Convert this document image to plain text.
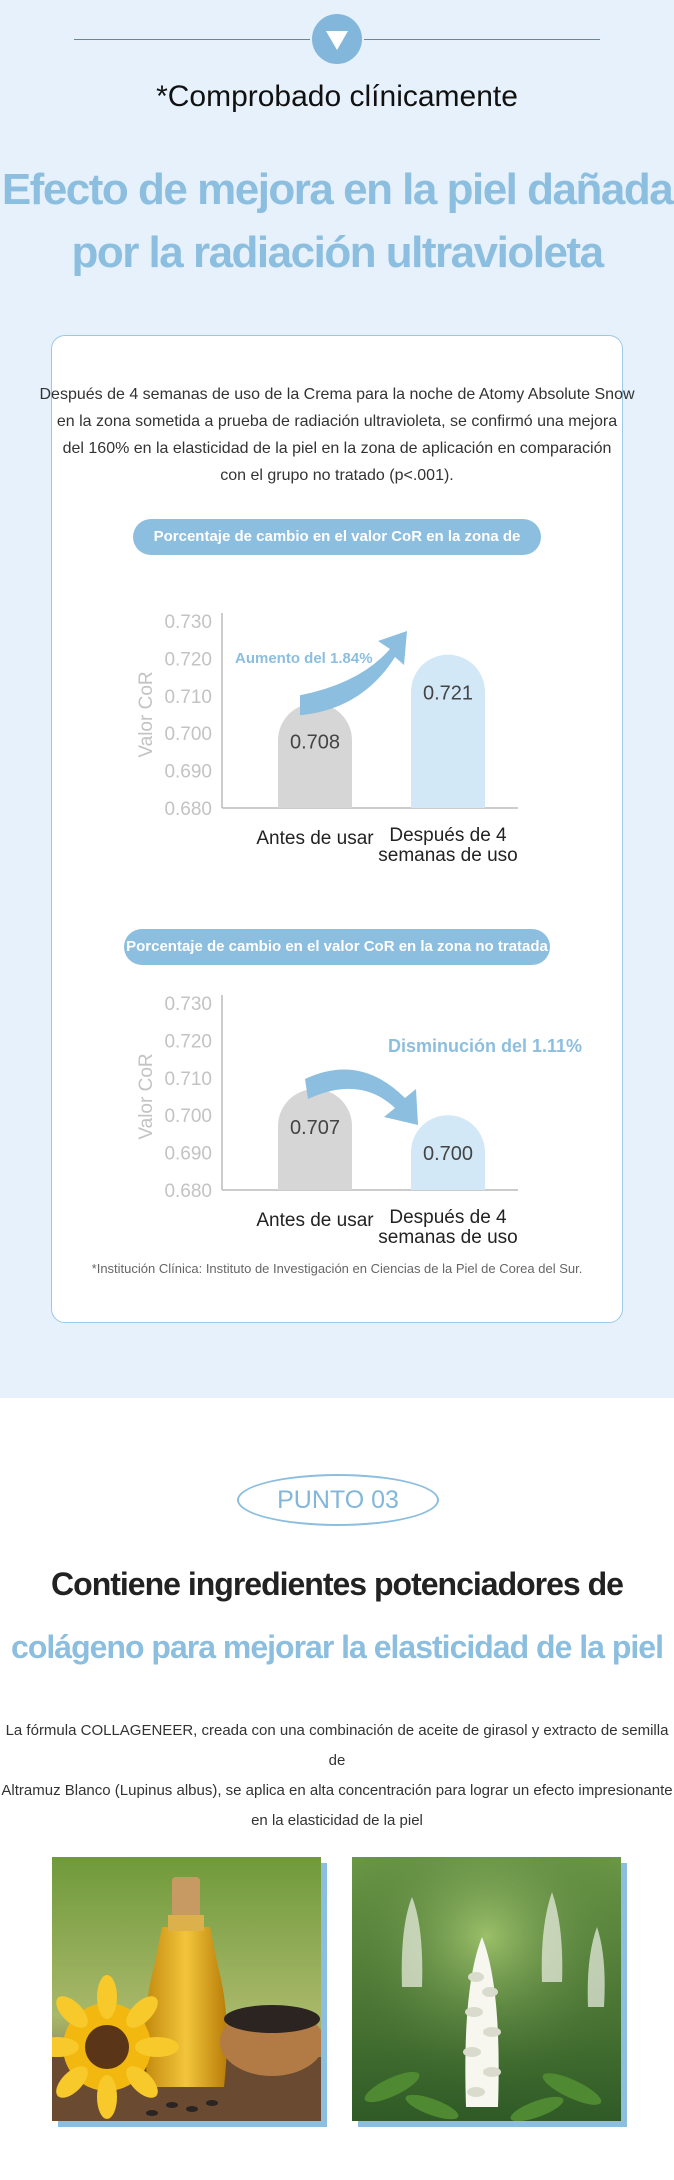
*Comprobado clínicamente
Efecto de mejora en la piel dañada
por la radiación ultravioleta
Después de 4 semanas de uso de la Crema para la noche de Atomy Absolute Snow
en la zona sometida a prueba de radiación ultravioleta, se confirmó una mejora
del 160% en la elasticidad de la piel en la zona de aplicación en comparación
con el grupo no tratado (p<.001).
Porcentaje de cambio en el valor CoR en la zona de aplicación
Porcentaje de cambio en el valor CoR en la zona no tratada
0.730
0.720
0.710
0.700
0.690
0.680
Valor CoR	0.708
0.721
Antes de usar Después de 4 semanas de uso
Aumento del 1.84%
0.730
0.720
0.710
0.700
0.690
0.680
Valor CoR	0.707
0.700
Antes de usar Después de 4 semanas de uso
Disminución del 1.11%
*Institución Clínica: Instituto de Investigación en Ciencias de la Piel de Corea del Sur.
PUNTO 03
Contiene ingredientes potenciadores de
colágeno para mejorar la elasticidad de la piel
La fórmula COLLAGENEER, creada con una combinación de aceite de girasol y extracto de semilla de
Altramuz Blanco (Lupinus albus), se aplica en alta concentración para lograr un efecto impresionante
en la elasticidad de la piel
